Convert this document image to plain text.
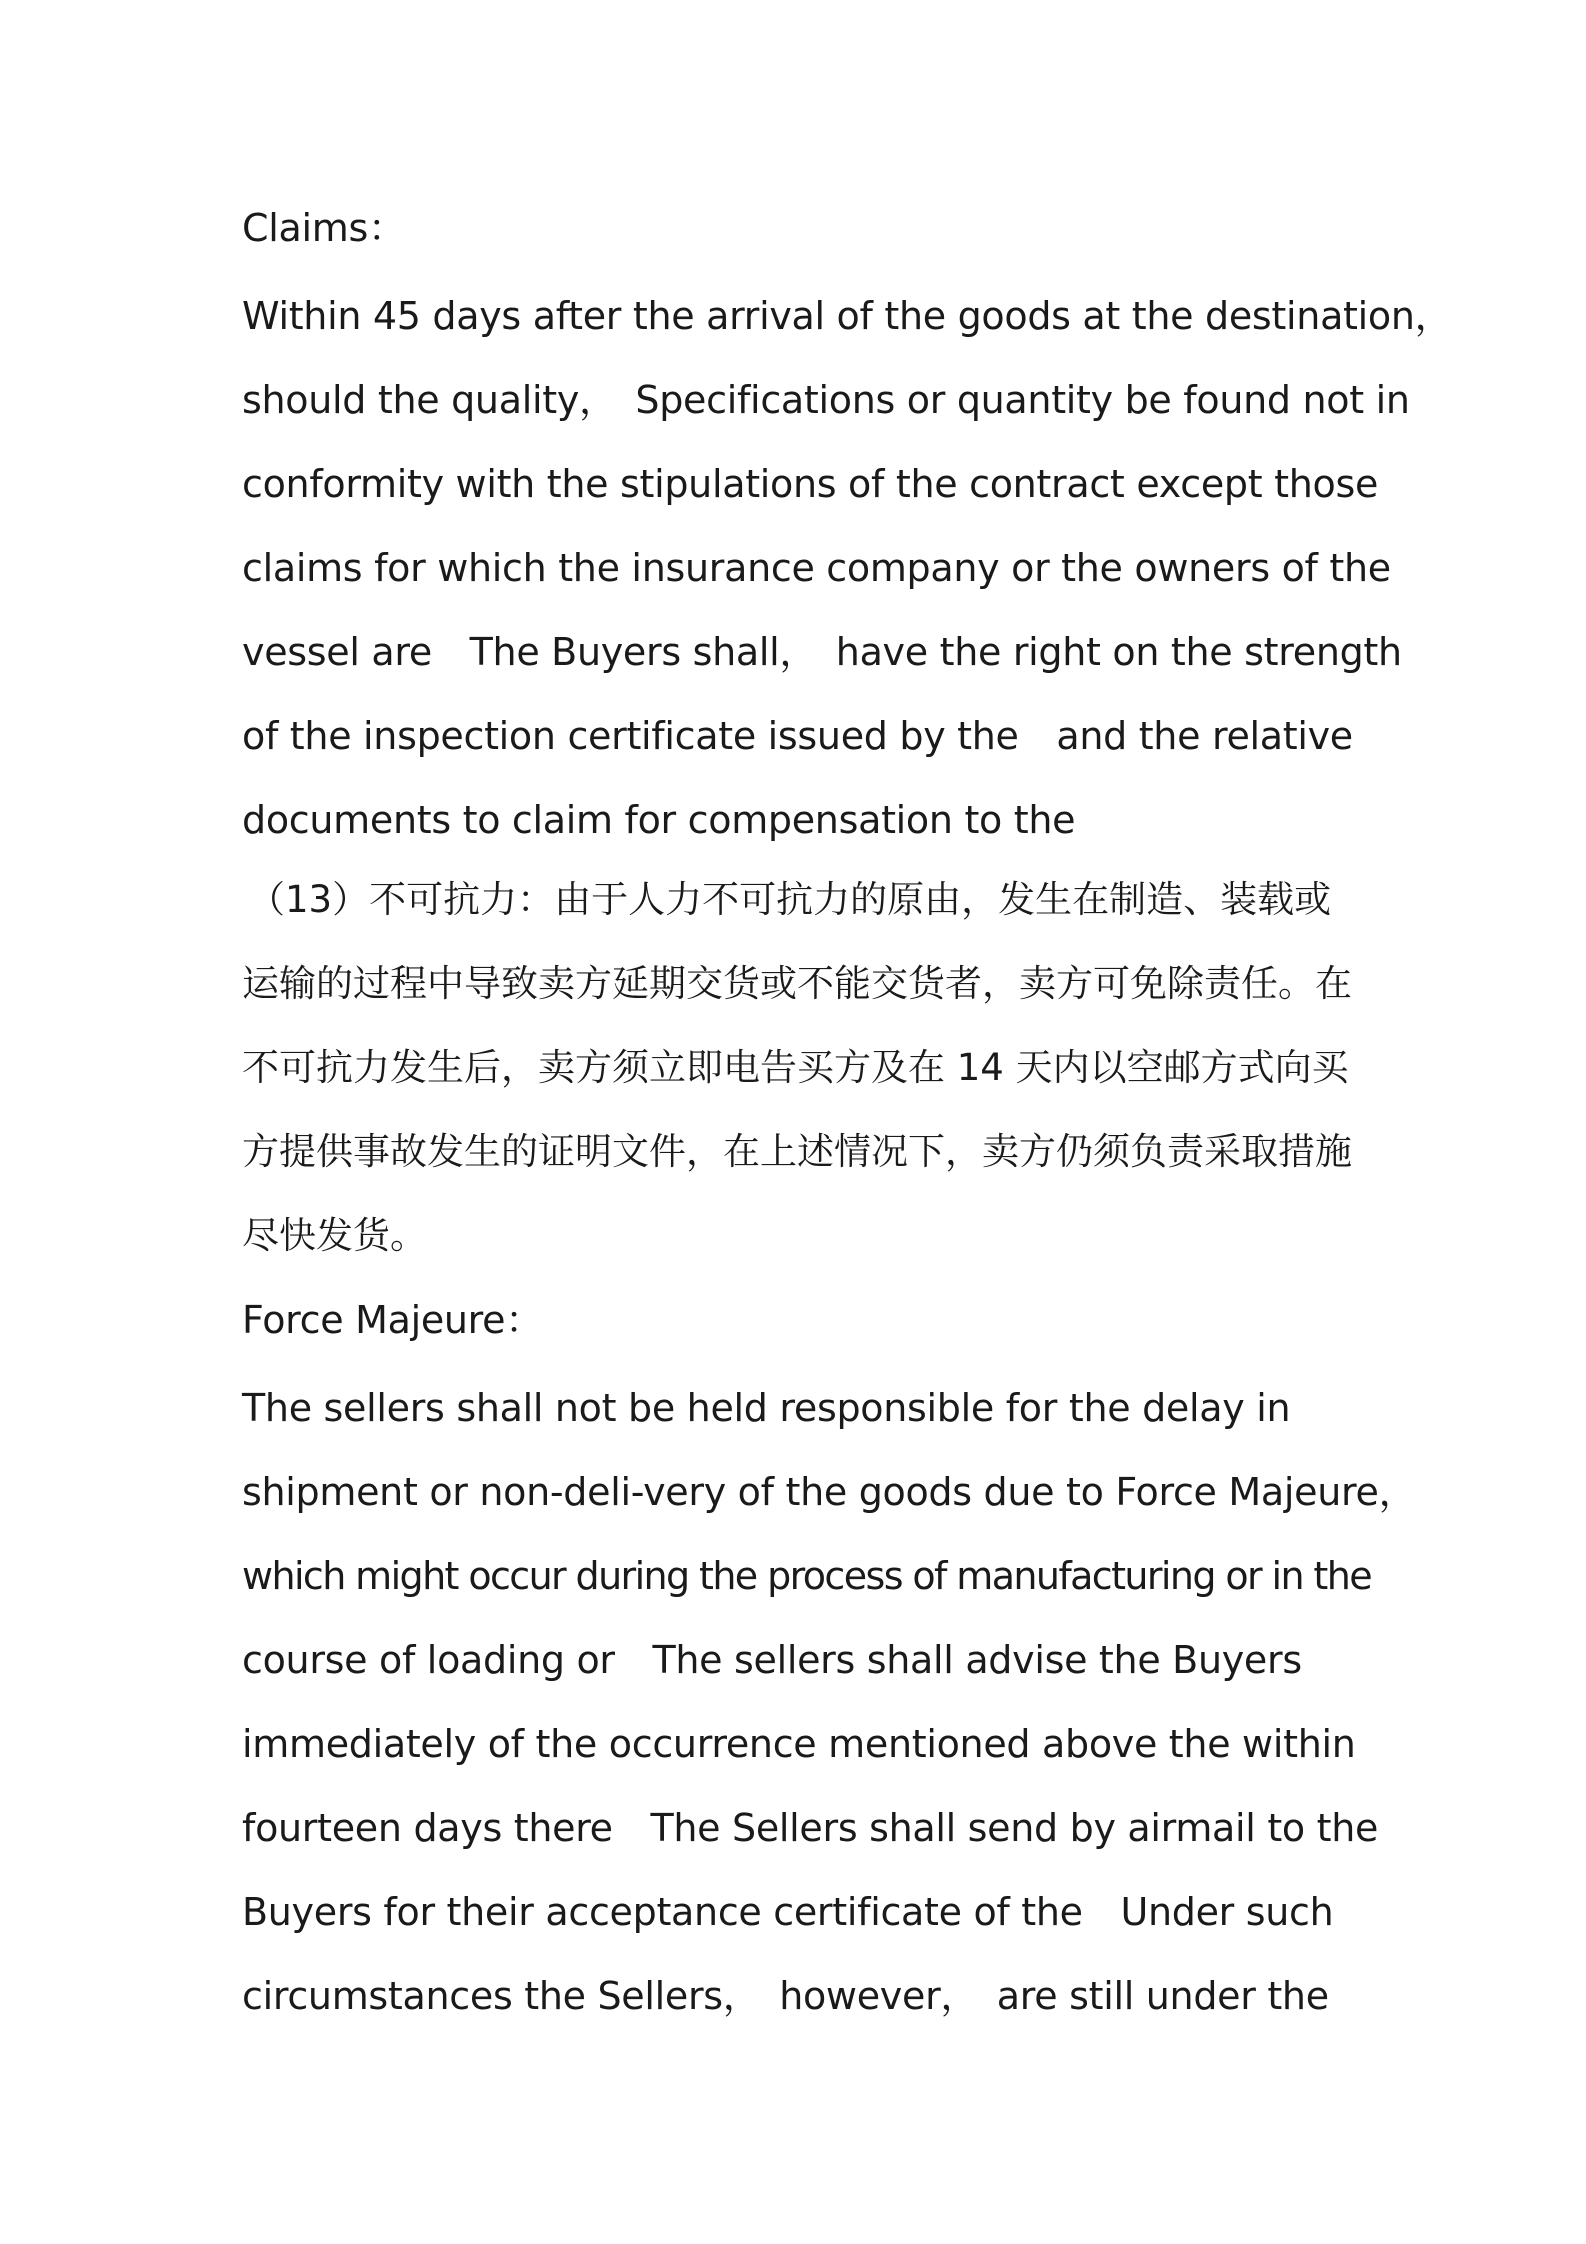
Claims：
Within 45 days after the arrival of the goods at the destination，
should the quality，　Specifications or quantity be found not in
conformity with the stipulations of the contract except those
claims for which the insurance company or the owners of the
vessel are　The Buyers shall，　have the right on the strength
of the inspection certificate issued by the　and the relative
documents to claim for compensation to the
（13）不可抗力：由于人力不可抗力的原由，发生在制造、装载或
运输的过程中导致卖方延期交货或不能交货者，卖方可免除责任。在
不可抗力发生后，卖方须立即电告买方及在 14 天内以空邮方式向买
方提供事故发生的证明文件，在上述情况下，卖方仍须负责采取措施
尽快发货。
Force Majeure：
The sellers shall not be held responsible for the delay in
shipment or non-deli-very of the goods due to Force Majeure，
which might occur during the process of manufacturing or in the
course of loading or　The sellers shall advise the Buyers
immediately of the occurrence mentioned above the within
fourteen days there　The Sellers shall send by airmail to the
Buyers for their acceptance certificate of the　Under such
circumstances the Sellers，　however，　are still under the
